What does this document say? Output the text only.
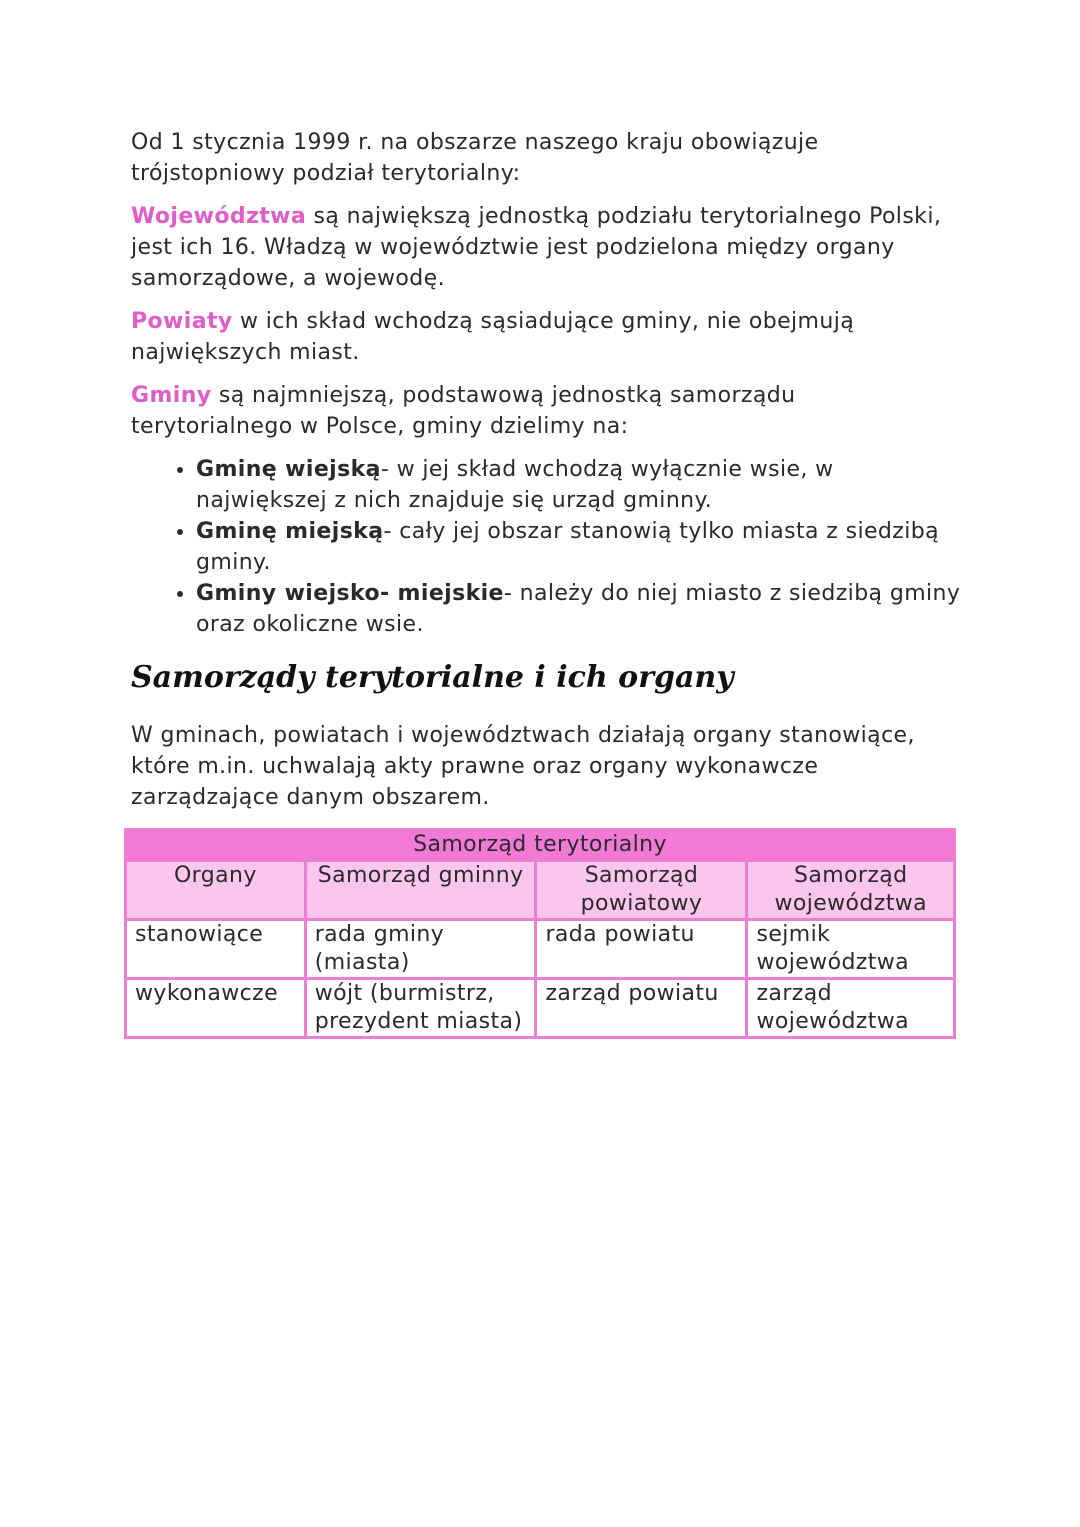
Od 1 stycznia 1999 r. na obszarze naszego kraju obowiązuje trójstopniowy podział terytorialny:

Województwa są największą jednostką podziału terytorialnego Polski, jest ich 16. Władzą w województwie jest podzielona między organy samorządowe, a wojewodę.

Powiaty w ich skład wchodzą sąsiadujące gminy, nie obejmują największych miast.

Gminy są najmniejszą, podstawową jednostką samorządu terytorialnego w Polsce, gminy dzielimy na:

• Gminę wiejską- w jej skład wchodzą wyłącznie wsie, w największej z nich znajduje się urząd gminny.
• Gminę miejską- cały jej obszar stanowią tylko miasta z siedzibą gminy.
• Gminy wiejsko- miejskie- należy do niej miasto z siedzibą gminy oraz okoliczne wsie.
Samorządy terytorialne i ich organy

W gminach, powiatach i województwach działają organy stanowiące, które m.in. uchwalają akty prawne oraz organy wykonawcze zarządzające danym obszarem.

Samorząd terytorialny			
Organy	Samorząd gminny	Samorząd powiatowy	Samorząd województwa
stanowiące	rada gminy (miasta)	rada powiatu	sejmik województwa
wykonawcze	wójt (burmistrz, prezydent miasta)	zarząd powiatu	zarząd województwa
